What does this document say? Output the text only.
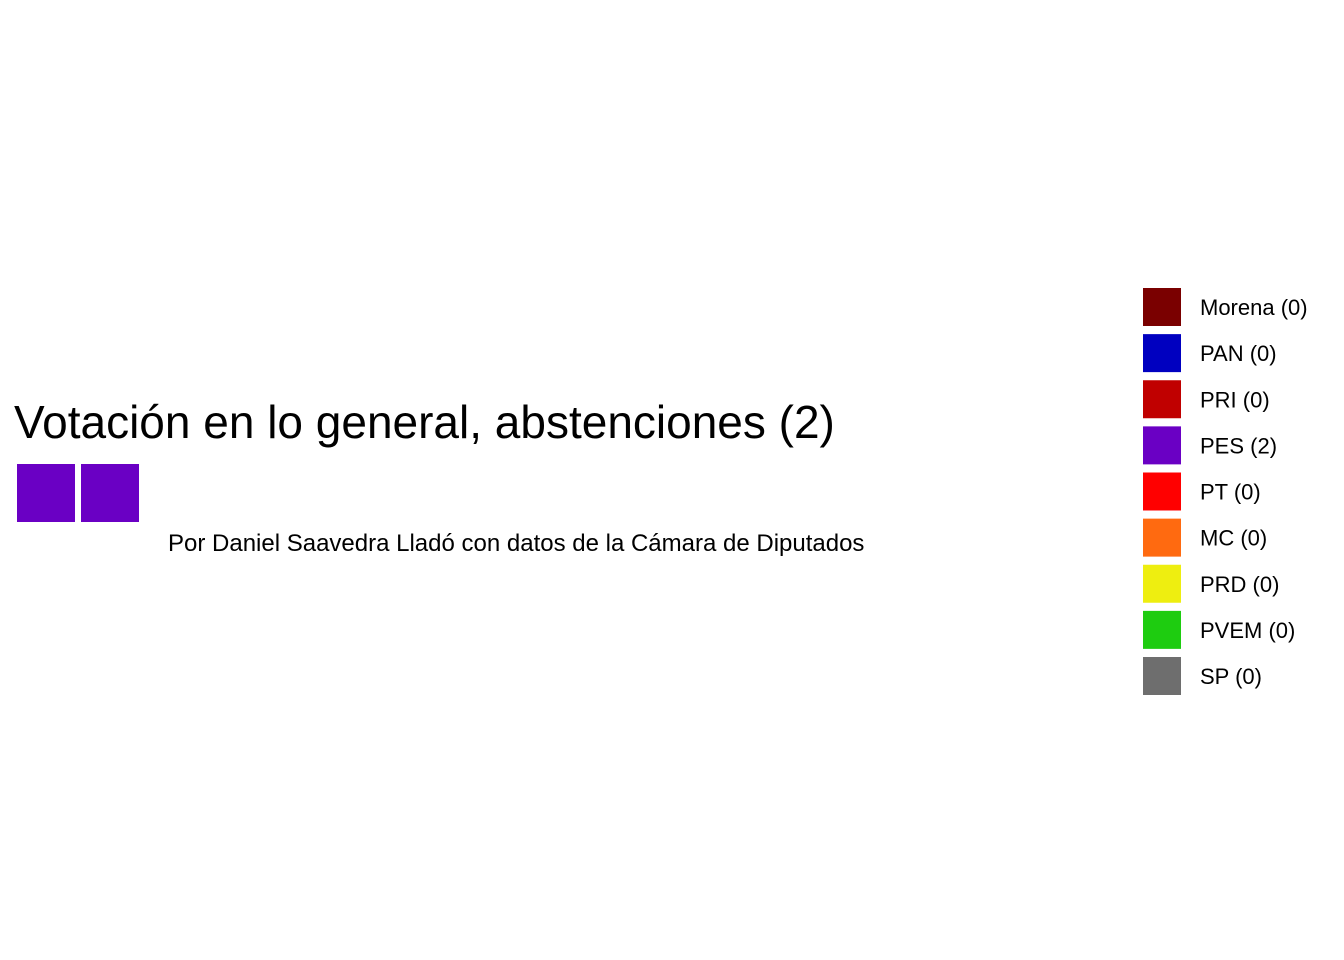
Votación en lo general, abstenciones (2)
Por Daniel Saavedra Lladó con datos de la Cámara de Diputados
Morena (0)
PAN (0)
PRI (0)
PES (2)
PT (0)
MC (0)
PRD (0)
PVEM (0)
SP (0)
